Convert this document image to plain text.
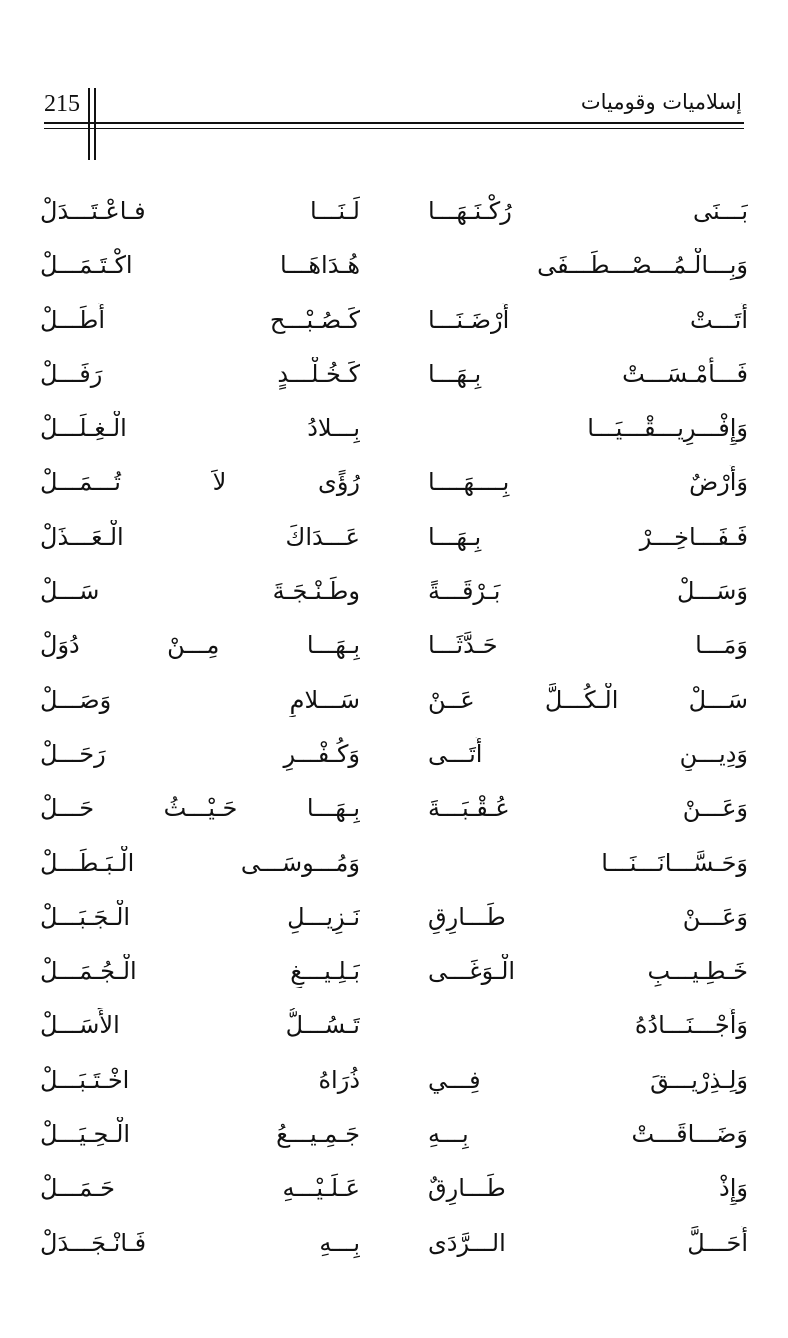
215	إسلاميات وقوميات
بَـــنَى رُكْـنَـهَـــا
لَـنَـــا فـاعْـتَـــدَلْ
وَبِـــالْـمُـــصْـــطَـــفَى
هُـدَاهَـــا اكْـتَـمَـــلْ
أَتَـــتْ أَرْضَـنَـــا
كَـصُـبْـــح أَطَـــلْ
فَـــأَمْـسَـــتْ بِـهَـــا
كَـخُـلْـــدٍ رَفَـــلْ
وَإِفْـــرِيـــقْـــيَـــا
بِـــلادُ الْـغِـلَـــلْ
وَأَرْضٌ بِــــهَــــا
رُؤًى لاَ تُـــمَـــلْ
فَـفَـــاخِـــرْ بِـهَـــا
عَـــدَاكَ الْـعَـــذَلْ
وَسَـــلْ بَـرْقَـــةً
وطَـنْـجَـةَ سَـــلْ
وَمَـــا حَـدَّثَـــا
بِـهَـــا مِـــنْ دُوَلْ
سَـــلْ الْـكُـــلَّ عَــنْ
سَـــلامٍ وَصَـــلْ
وَدِيـــنٍ أَتَـــى
وَكُـفْـــرٍ رَحَـــلْ
وَعَـــنْ عُـقْـبَـــةَ
بِـهَـــا حَـيْـــثُ حَـــلْ
وَحَـسَّـــانَـــنَـــا
وَمُـــوسَـــى الْـبَـطَـــلْ
وَعَـــنْ طَـــارِقٍ
نَـزِيـــلِ الْـجَـبَـــلْ
خَـطِـيـــبِ الْـوَغَـــى
بَـلِـيـــغِ الْـجُـمَـــلْ
وَأَجْـــنَـــادُهُ
تَـسُـــلُّ الأَسَـــلْ
وَلِـذِرْيـــقَ فِـــي
ذُرَاهُ اخْـتَـبَـــلْ
وَضَـــاقَـــتْ بِـــهِ
جَـمِـيـــعُ الْـحِـيَـــلْ
وَإِذْ طَـــارِقٌ
عَـلَـيْـــهِ حَـمَـــلْ
أَحَـــلَّ الـــرَّدَى
بِـــهِ فَـانْـجَـــدَلْ
